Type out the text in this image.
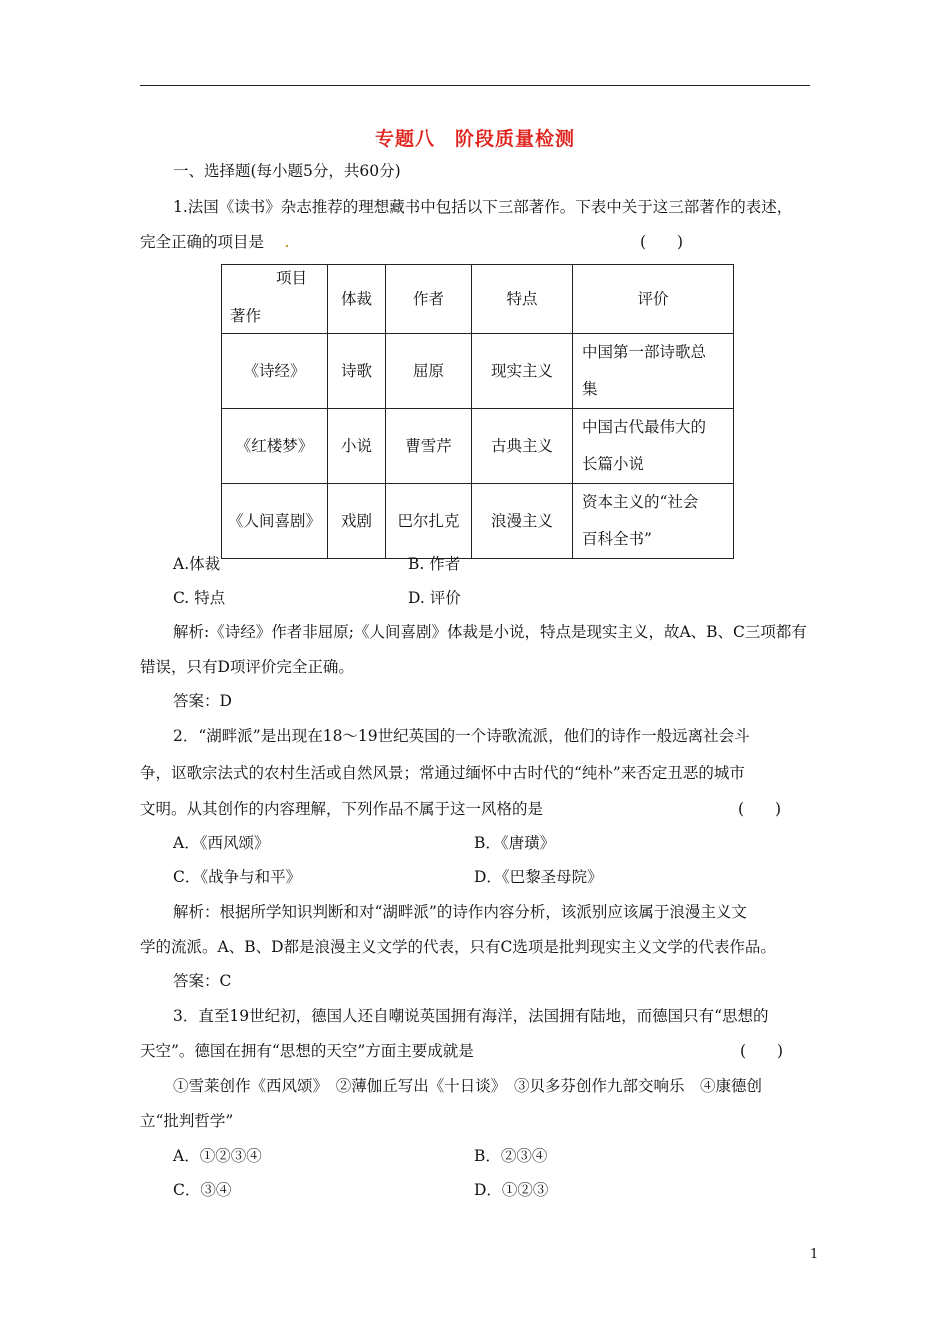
专题八　阶段质量检测
一、选择题(每小题5分，共60分)
1.法国《读书》杂志推荐的理想藏书中包括以下三部著作。下表中关于这三部著作的表述，
完全正确的项目是　 .	(　　)
项目
著作	体裁	作者	特点	评价
《诗经》	诗歌	屈原	现实主义	中国第一部诗歌总
集

《红楼梦》	小说	曹雪芹	古典主义	中国古代最伟大的
长篇小说

《人间喜剧》	戏剧	巴尔扎克	浪漫主义	资本主义的“社会
百科全书”
A.体裁	B. 作者
C. 特点	D. 评价
解析:《诗经》作者非屈原;《人间喜剧》体裁是小说，特点是现实主义，故A、B、C三项都有
错误，只有D项评价完全正确。
答案：D
2．“湖畔派”是出现在18～19世纪英国的一个诗歌流派，他们的诗作一般远离社会斗
争，讴歌宗法式的农村生活或自然风景；常通过缅怀中古时代的“纯朴”来否定丑恶的城市
文明。从其创作的内容理解，下列作品不属于这一风格的是	(　　)
A．《西风颂》	B．《唐璜》
C．《战争与和平》	D．《巴黎圣母院》
解析：根据所学知识判断和对“湖畔派”的诗作内容分析，该派别应该属于浪漫主义文
学的流派。A、B、D都是浪漫主义文学的代表，只有C选项是批判现实主义文学的代表作品。
答案：C
3．直至19世纪初，德国人还自嘲说英国拥有海洋，法国拥有陆地，而德国只有“思想的
天空”。德国在拥有“思想的天空”方面主要成就是	(　　)
①雪莱创作《西风颂》　②薄伽丘写出《十日谈》　③贝多芬创作九部交响乐　④康德创
立“批判哲学”
A．①②③④	B．②③④
C．③④	D．①②③
1
